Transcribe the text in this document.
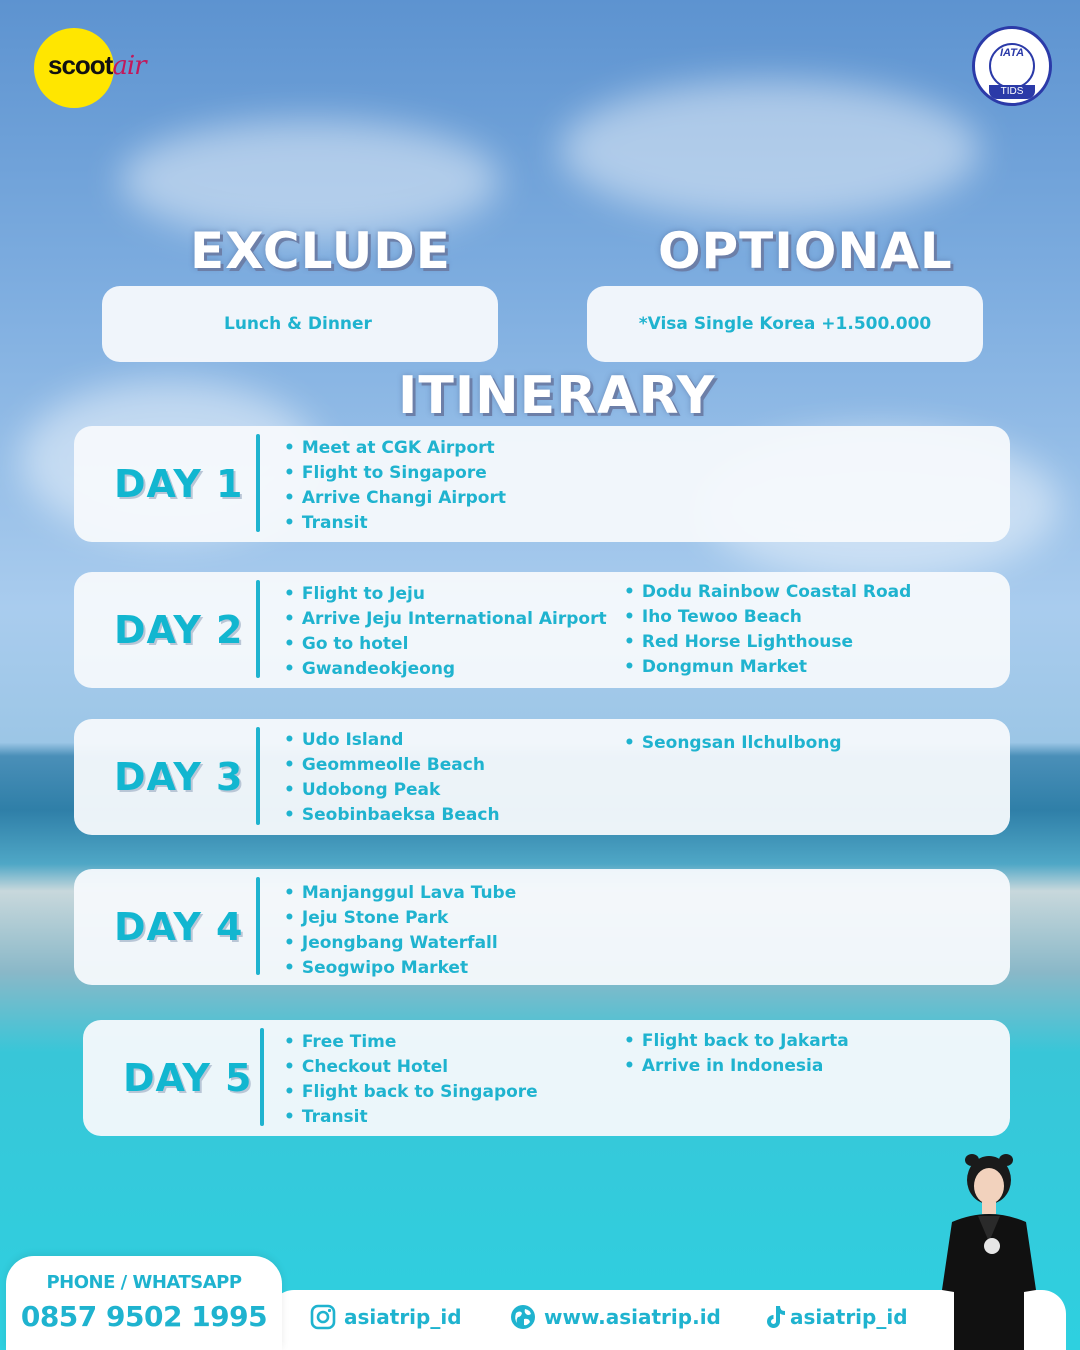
scootair	IATA
TIDS
EXCLUDE	OPTIONAL
Lunch & Dinner	*Visa Single Korea +1.500.000
ITINERARY
DAY 1
• Meet at CGK Airport
• Flight to Singapore
• Arrive Changi Airport
• Transit
DAY 2
• Flight to Jeju
• Arrive Jeju International Airport
• Go to hotel
• Gwandeokjeong
• Dodu Rainbow Coastal Road
• Iho Tewoo Beach
• Red Horse Lighthouse
• Dongmun Market
DAY 3
• Udo Island
• Geommeolle Beach
• Udobong Peak
• Seobinbaeksa Beach
• Seongsan Ilchulbong
DAY 4
• Manjanggul Lava Tube
• Jeju Stone Park
• Jeongbang Waterfall
• Seogwipo Market
DAY 5
• Free Time
• Checkout Hotel
• Flight back to Singapore
• Transit
• Flight back to Jakarta
• Arrive in Indonesia
PHONE / WHATSAPP
0857 9502 1995	asiatrip_id	www.asiatrip.id	asiatrip_id
